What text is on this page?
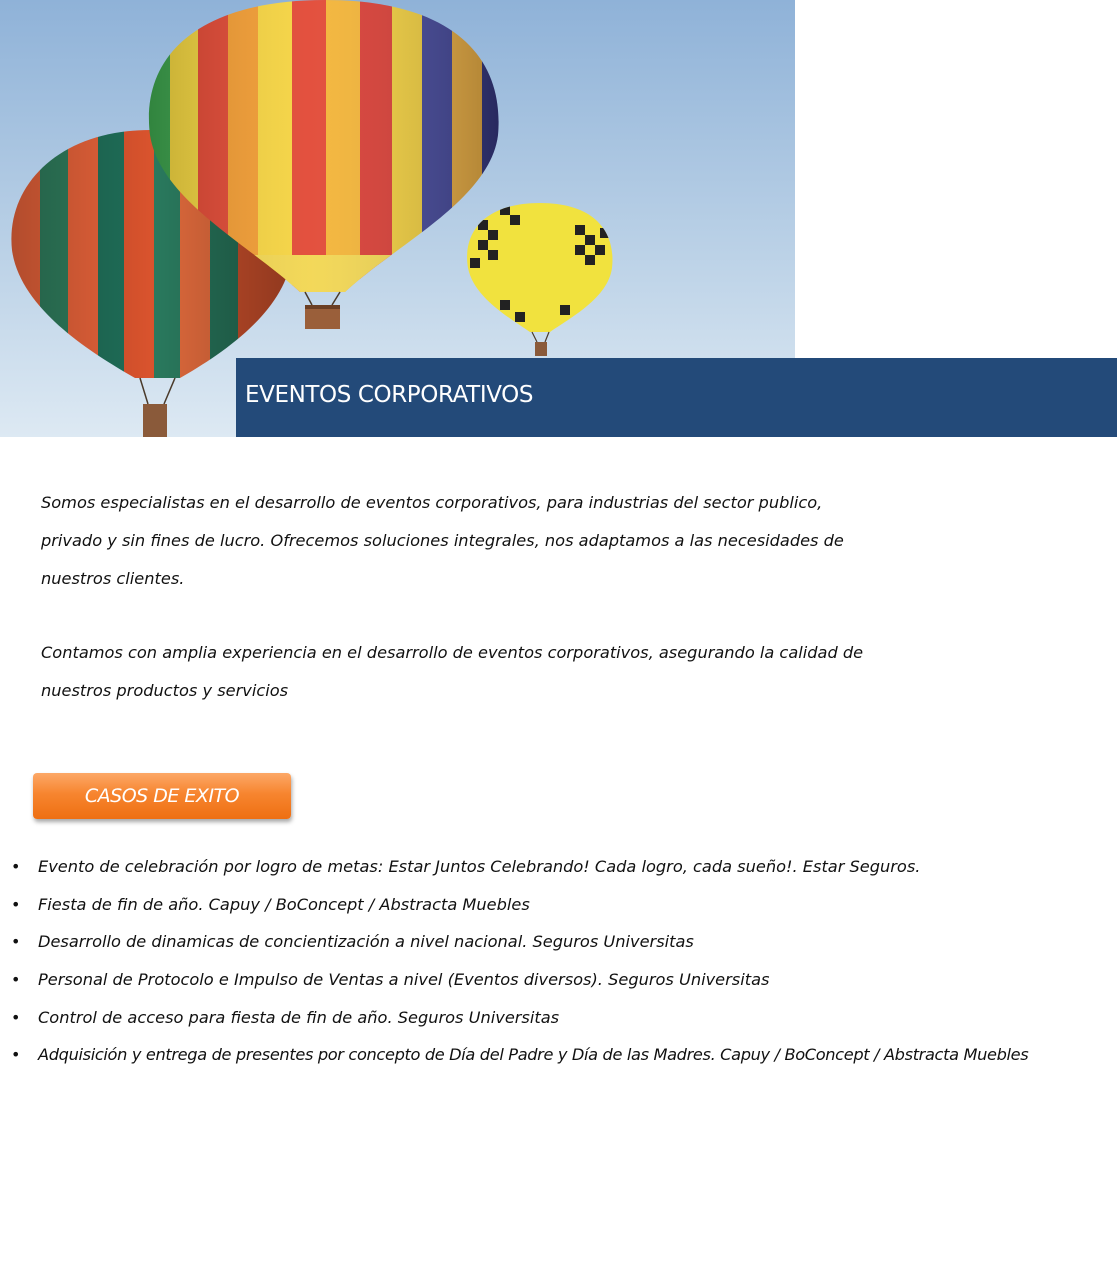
EVENTOS CORPORATIVOS

Somos especialistas en el desarrollo de eventos corporativos, para industrias del sector publico, privado y sin fines de lucro. Ofrecemos soluciones integrales, nos adaptamos a las necesidades de nuestros clientes.

Contamos con amplia experiencia en el desarrollo de eventos corporativos, asegurando la calidad de nuestros productos y servicios

CASOS DE EXITO
• Evento de celebración por logro de metas: Estar Juntos Celebrando! Cada logro, cada sueño!. Estar Seguros.
• Fiesta de fin de año. Capuy / BoConcept / Abstracta Muebles
• Desarrollo de dinamicas de concientización a nivel nacional. Seguros Universitas
• Personal de Protocolo e Impulso de Ventas a nivel (Eventos diversos). Seguros Universitas
• Control de acceso para fiesta de fin de año. Seguros Universitas
• Adquisición y entrega de presentes por concepto de Día del Padre y Día de las Madres. Capuy / BoConcept / Abstracta Muebles
